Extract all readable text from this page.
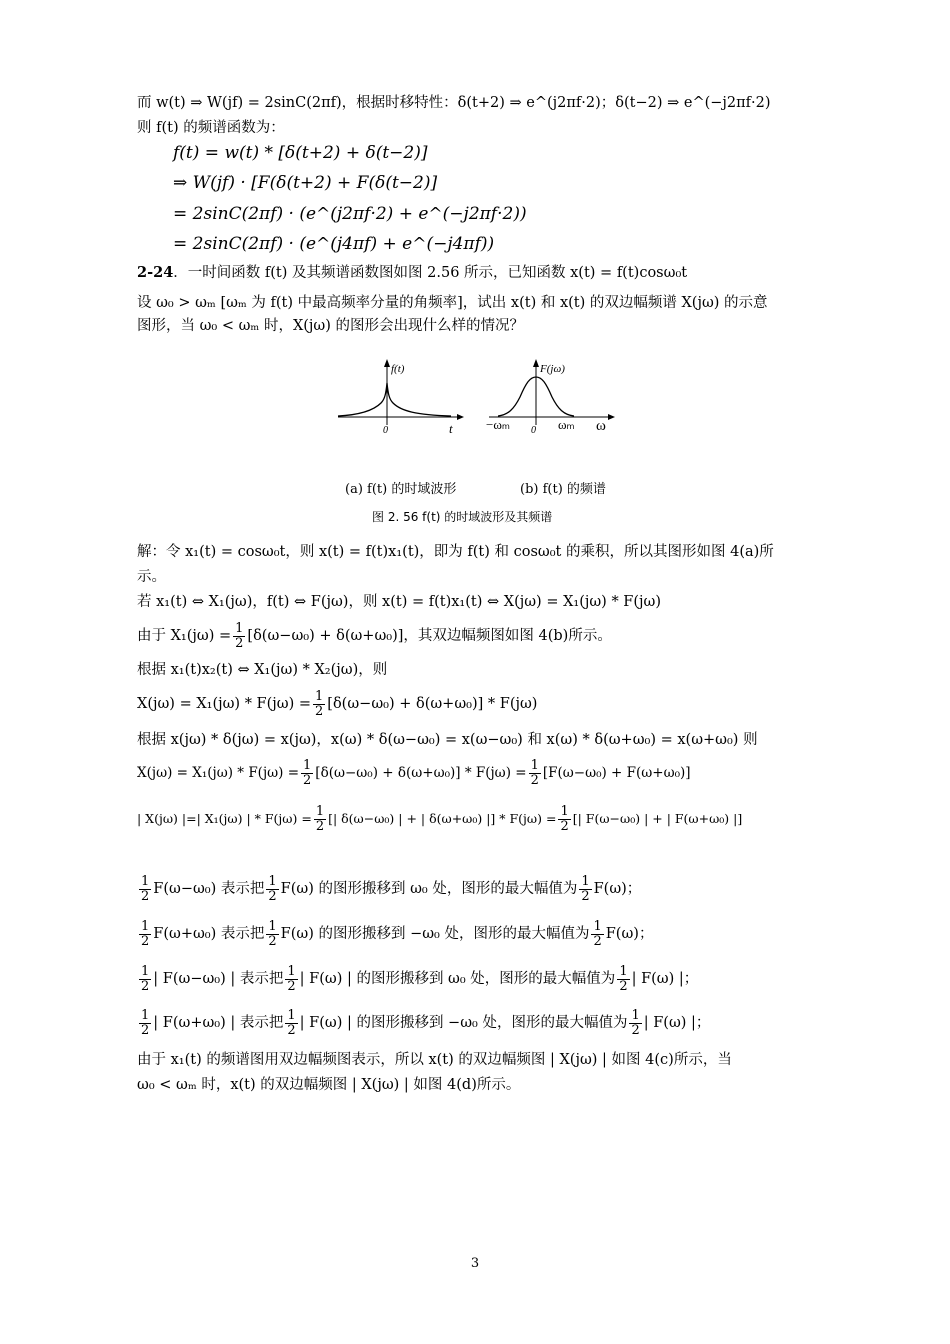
而 w(t) ⇒ W(jf) = 2sinC(2πf)，根据时移特性：δ(t+2) ⇒ e^(j2πf·2)；δ(t−2) ⇒ e^(−j2πf·2)
则 f(t) 的频谱函数为：
f(t) = w(t) * [δ(t+2) + δ(t−2)]
⇒ W(jf) · [F(δ(t+2) + F(δ(t−2)]
= 2sinC(2πf) · (e^(j2πf·2) + e^(−j2πf·2))
= 2sinC(2πf) · (e^(j4πf) + e^(−j4πf))
2-24．一时间函数 f(t) 及其频谱函数图如图 2.56 所示，已知函数 x(t) = f(t)cosω₀t
设 ω₀ > ωₘ [ωₘ 为 f(t) 中最高频率分量的角频率]，试出 x(t) 和 x(t) 的双边幅频谱 X(jω) 的示意
图形，当 ω₀ < ωₘ 时，X(jω) 的图形会出现什么样的情况？
f(t)
0	t
F(jω)
−ωₘ 0 ωₘ ω
(a) f(t) 的时域波形	(b) f(t) 的频谱
图 2. 56 f(t) 的时域波形及其频谱
解：令 x₁(t) = cosω₀t，则 x(t) = f(t)x₁(t)，即为 f(t) 和 cosω₀t 的乘积，所以其图形如图 4(a)所
示。
若 x₁(t) ⇔ X₁(jω)，f(t) ⇔ F(jω)，则 x(t) = f(t)x₁(t) ⇔ X(jω) = X₁(jω) * F(jω)
由于 $X_1(j\omega) = \frac{1}{2} [\delta(\omega-\omega_0) + \delta(\omega+\omega_0)]$，其双边幅频图如图 4(b)所示。
根据 x₁(t)x₂(t) ⇔ X₁(jω) * X₂(jω)，则
$X(j\omega) = X_1(j\omega) * F(j\omega) = \frac{1}{2} [\delta(\omega-\omega_0) + \delta(\omega+\omega_0)] * F(j\omega)$
根据 x(jω) * δ(jω) = x(jω)，x(ω) * δ(ω−ω₀) = x(ω−ω₀) 和 x(ω) * δ(ω+ω₀) = x(ω+ω₀) 则
$X(j\omega) = X_1(j\omega) * F(j\omega) = \frac{1}{2} [\delta(\omega-\omega_0) + \delta(\omega+\omega_0)] * F(j\omega) = \frac{1}{2} [F(\omega-\omega_0) + F(\omega+\omega_0)]$
| X(jω) |=| X₁(jω) | * $F(j\omega) = \frac{1}{2}$ [| δ(ω−ω₀) | + | δ(ω+ω₀) |] * $F(j\omega) = \frac{1}{2}$ [| F(ω−ω₀) | + | F(ω+ω₀) |]
$\frac{1}{2} F(\omega-\omega_0)$ 表示把 $\frac{1}{2} F(\omega)$ 的图形搬移到 ω₀ 处，图形的最大幅值为 $\frac{1}{2} F(\omega)$；
$\frac{1}{2} F(\omega+\omega_0)$ 表示把 $\frac{1}{2} F(\omega)$ 的图形搬移到 −ω₀ 处，图形的最大幅值为 $\frac{1}{2} F(\omega)$；
$\frac{1}{2}$ | F(ω−ω₀) | 表示把 $\frac{1}{2}$ | F(ω) | 的图形搬移到 ω₀ 处，图形的最大幅值为 $\frac{1}{2}$ | F(ω) |；
$\frac{1}{2}$ | F(ω+ω₀) | 表示把 $\frac{1}{2}$ | F(ω) | 的图形搬移到 −ω₀ 处，图形的最大幅值为 $\frac{1}{2}$ | F(ω) |；
由于 x₁(t) 的频谱图用双边幅频图表示，所以 x(t) 的双边幅频图 | X(jω) | 如图 4(c)所示，当
ω₀ < ωₘ 时，x(t) 的双边幅频图 | X(jω) | 如图 4(d)所示。
3
